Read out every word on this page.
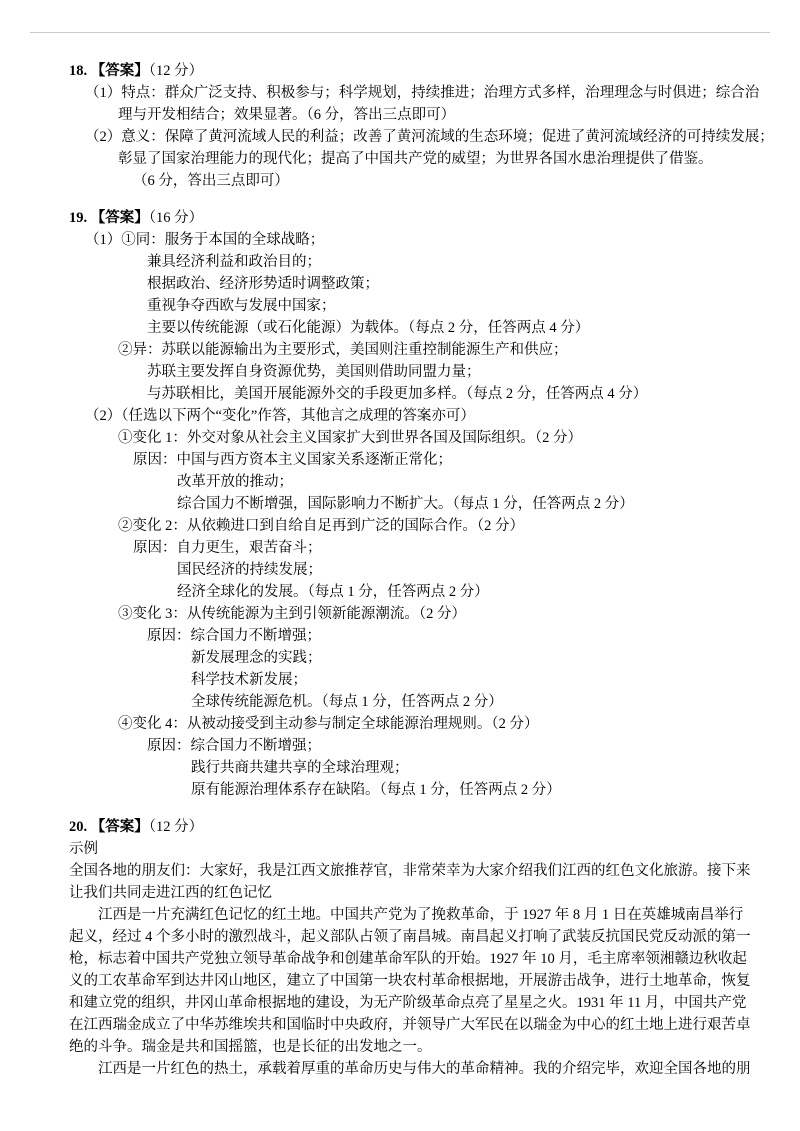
18. 【答案】（12 分）
（1）特点：群众广泛支持、积极参与；科学规划，持续推进；治理方式多样，治理理念与时俱进；综合治
理与开发相结合；效果显著。（6 分，答出三点即可）
（2）意义：保障了黄河流域人民的利益；改善了黄河流域的生态环境；促进了黄河流域经济的可持续发展；
彰显了国家治理能力的现代化；提高了中国共产党的威望；为世界各国水患治理提供了借鉴。
（6 分，答出三点即可）
19. 【答案】（16 分）
（1）①同：服务于本国的全球战略；
兼具经济利益和政治目的；
根据政治、经济形势适时调整政策；
重视争夺西欧与发展中国家；
主要以传统能源（或石化能源）为载体。（每点 2 分，任答两点 4 分）
②异：苏联以能源输出为主要形式，美国则注重控制能源生产和供应；
苏联主要发挥自身资源优势，美国则借助同盟力量；
与苏联相比，美国开展能源外交的手段更加多样。（每点 2 分，任答两点 4 分）
（2）（任选以下两个“变化”作答，其他言之成理的答案亦可）
①变化 1：外交对象从社会主义国家扩大到世界各国及国际组织。（2 分）
原因：中国与西方资本主义国家关系逐渐正常化；
改革开放的推动；
综合国力不断增强，国际影响力不断扩大。（每点 1 分，任答两点 2 分）
②变化 2：从依赖进口到自给自足再到广泛的国际合作。（2 分）
原因：自力更生，艰苦奋斗；
国民经济的持续发展；
经济全球化的发展。（每点 1 分，任答两点 2 分）
③变化 3：从传统能源为主到引领新能源潮流。（2 分）
原因：综合国力不断增强；
新发展理念的实践；
科学技术新发展；
全球传统能源危机。（每点 1 分，任答两点 2 分）
④变化 4：从被动接受到主动参与制定全球能源治理规则。（2 分）
原因：综合国力不断增强；
践行共商共建共享的全球治理观；
原有能源治理体系存在缺陷。（每点 1 分，任答两点 2 分）
20. 【答案】（12 分）
示例
全国各地的朋友们：大家好，我是江西文旅推荐官，非常荣幸为大家介绍我们江西的红色文化旅游。接下来
让我们共同走进江西的红色记忆
江西是一片充满红色记忆的红土地。中国共产党为了挽救革命，于 1927 年 8 月 1 日在英雄城南昌举行
起义，经过 4 个多小时的激烈战斗，起义部队占领了南昌城。南昌起义打响了武装反抗国民党反动派的第一
枪，标志着中国共产党独立领导革命战争和创建革命军队的开始。1927 年 10 月，毛主席率领湘赣边秋收起
义的工农革命军到达井冈山地区，建立了中国第一块农村革命根据地，开展游击战争，进行土地革命，恢复
和建立党的组织，井冈山革命根据地的建设，为无产阶级革命点亮了星星之火。1931 年 11 月，中国共产党
在江西瑞金成立了中华苏维埃共和国临时中央政府，并领导广大军民在以瑞金为中心的红土地上进行艰苦卓
绝的斗争。瑞金是共和国摇篮，也是长征的出发地之一。
江西是一片红色的热土，承载着厚重的革命历史与伟大的革命精神。我的介绍完毕，欢迎全国各地的朋
